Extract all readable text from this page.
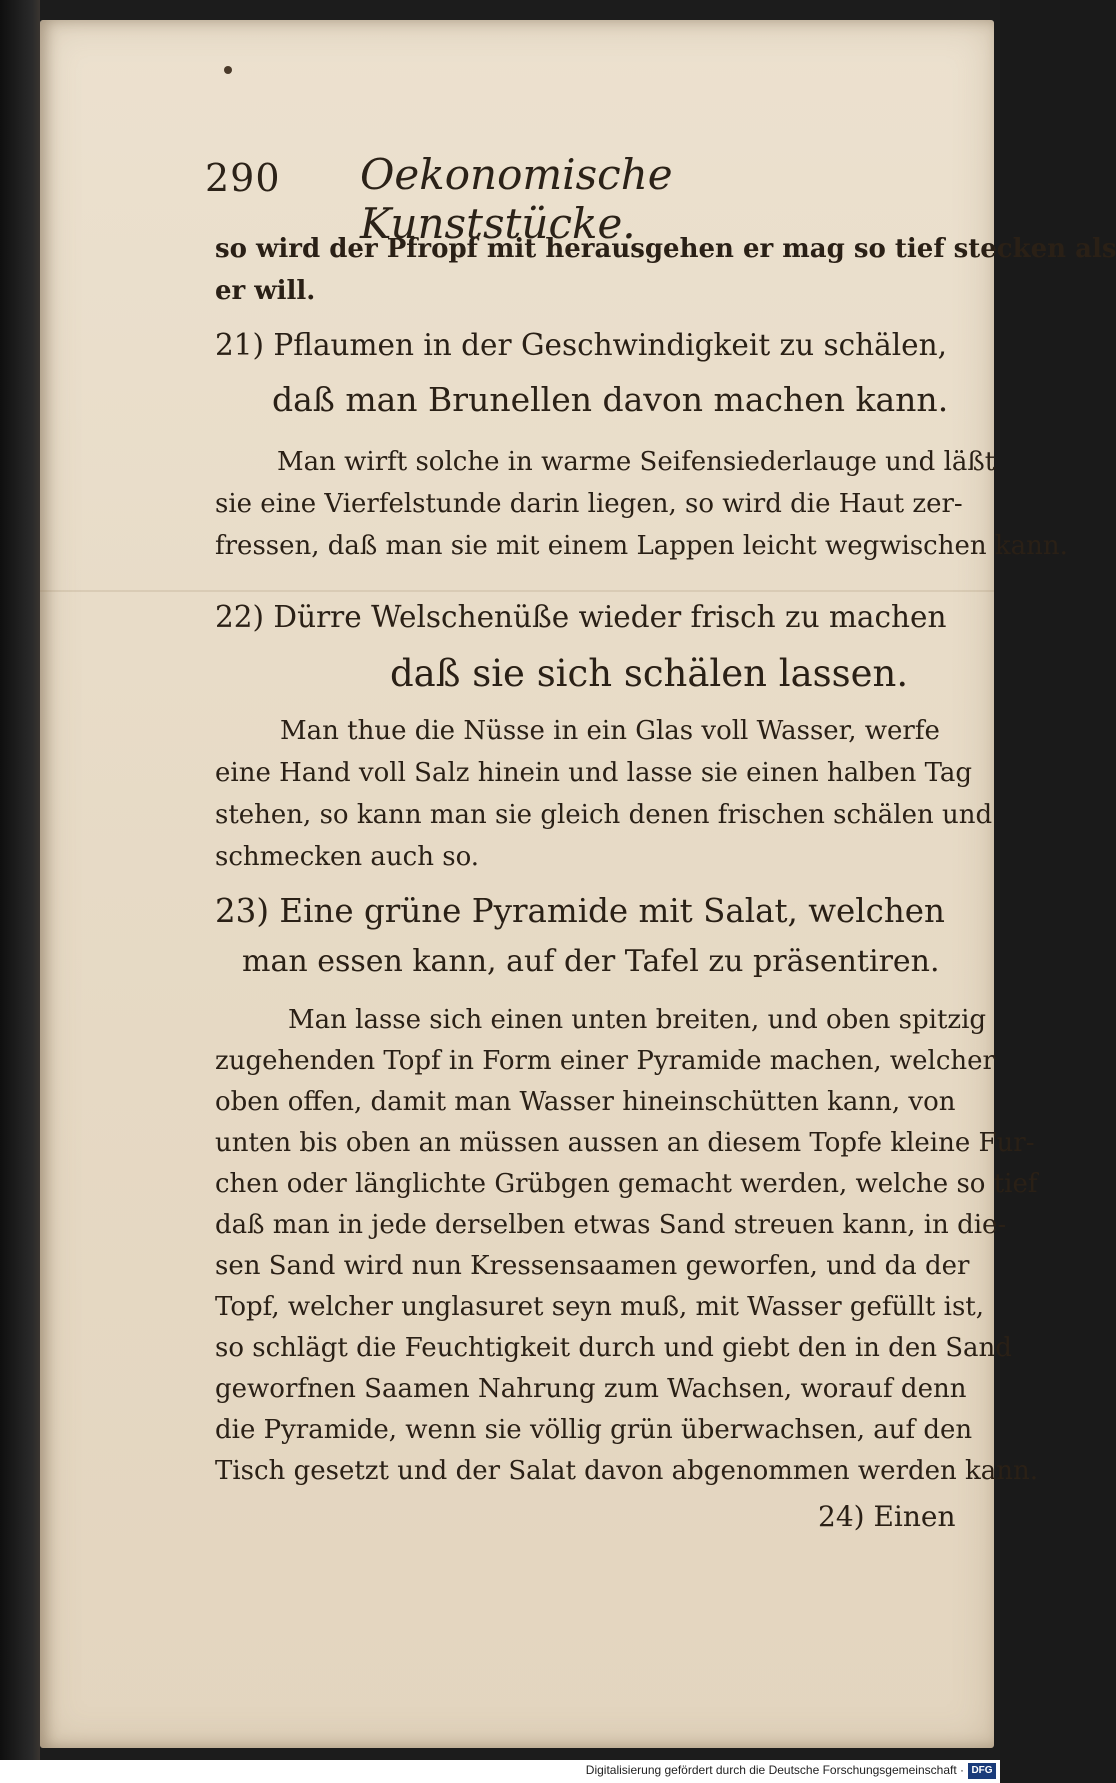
290 Oekonomische Kunststücke.
so wird der Pfropf mit herausgehen er mag so tief stecken als
er will.
21) Pflaumen in der Geschwindigkeit zu schälen,
daß man Brunellen davon machen kann.
Man wirft solche in warme Seifensiederlauge und läßt
sie eine Vierfelstunde darin liegen, so wird die Haut zer-
fressen, daß man sie mit einem Lappen leicht wegwischen kann.
22) Dürre Welschenüße wieder frisch zu machen
daß sie sich schälen lassen.
Man thue die Nüsse in ein Glas voll Wasser, werfe
eine Hand voll Salz hinein und lasse sie einen halben Tag
stehen, so kann man sie gleich denen frischen schälen und
schmecken auch so.
23) Eine grüne Pyramide mit Salat, welchen
man essen kann, auf der Tafel zu präsentiren.
Man lasse sich einen unten breiten, und oben spitzig
zugehenden Topf in Form einer Pyramide machen, welcher
oben offen, damit man Wasser hineinschütten kann, von
unten bis oben an müssen aussen an diesem Topfe kleine Fur-
chen oder länglichte Grübgen gemacht werden, welche so tief
daß man in jede derselben etwas Sand streuen kann, in die-
sen Sand wird nun Kressensaamen geworfen, und da der
Topf, welcher unglasuret seyn muß, mit Wasser gefüllt ist,
so schlägt die Feuchtigkeit durch und giebt den in den Sand
geworfnen Saamen Nahrung zum Wachsen, worauf denn
die Pyramide, wenn sie völlig grün überwachsen, auf den
Tisch gesetzt und der Salat davon abgenommen werden kann.
24) Einen
Digitalisierung gefördert durch die Deutsche Forschungsgemeinschaft · DFG
